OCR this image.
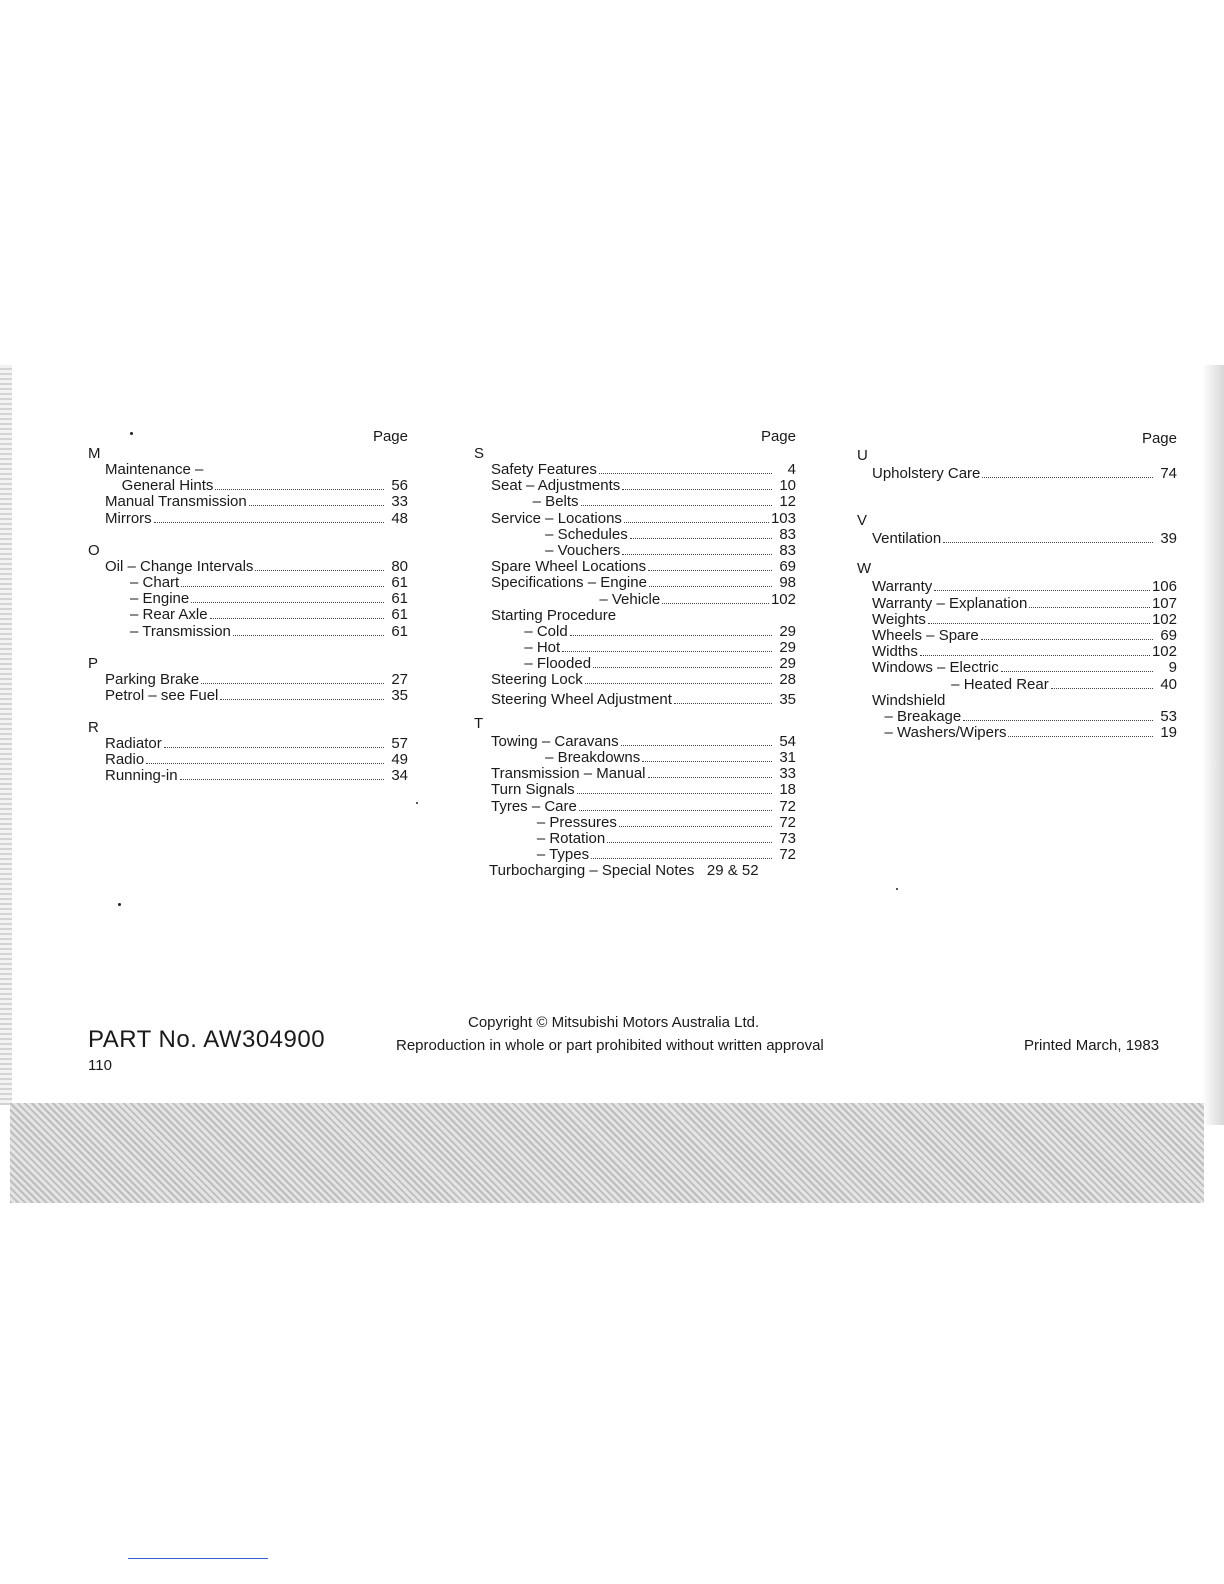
Page
M
Maintenance –
General Hints	56
Manual Transmission	33
Mirrors	48
O
Oil – Change Intervals	80
– Chart	61
– Engine	61
– Rear Axle	61
– Transmission	61
P
Parking Brake	27
Petrol – see Fuel	35
R
Radiator	57
Radio	49
Running-in	34
Page
S
Safety Features	4
Seat – Adjustments	10
– Belts	12
Service – Locations	103
– Schedules	83
– Vouchers	83
Spare Wheel Locations	69
Specifications – Engine	98
– Vehicle	102
Starting Procedure
– Cold	29
– Hot	29
– Flooded	29
Steering Lock	28
Steering Wheel Adjustment	35
T
Towing – Caravans	54
– Breakdowns	31
Transmission – Manual	33
Turn Signals	18
Tyres – Care	72
– Pressures	72
– Rotation	73
– Types	72
Turbocharging – Special Notes   29 & 52
Page
U
Upholstery Care	74
V
Ventilation	39
W
Warranty	106
Warranty – Explanation	107
Weights	102
Wheels – Spare	69
Widths	102
Windows – Electric	9
– Heated Rear	40
Windshield
– Breakage	53
– Washers/Wipers	19
PART No. AW304900
110
Copyright © Mitsubishi Motors Australia Ltd.
Reproduction in whole or part prohibited without written approval	Printed March, 1983
